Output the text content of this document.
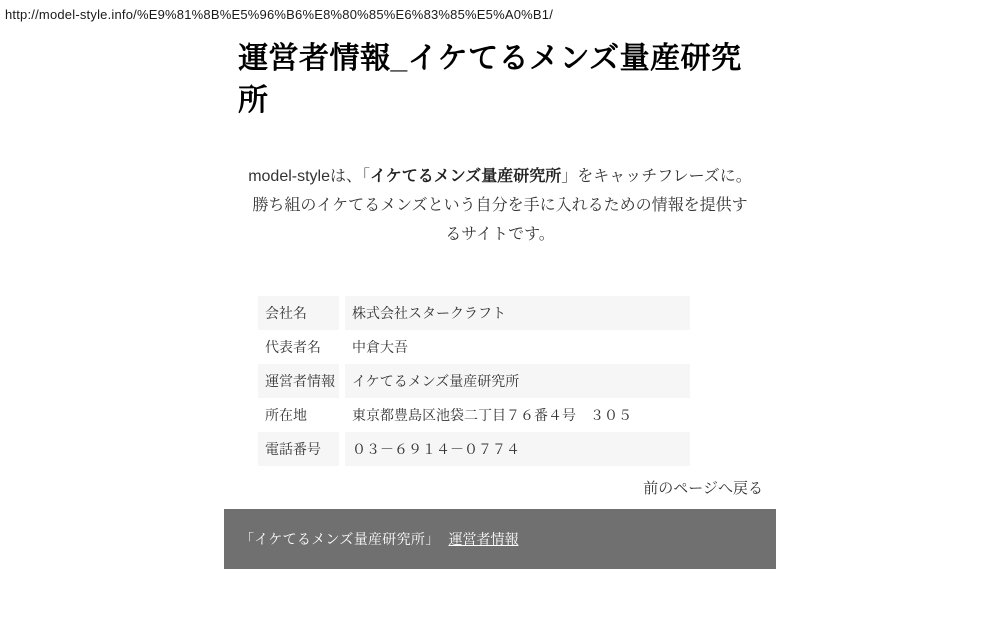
http://model-style.info/%E9%81%8B%E5%96%B6%E8%80%85%E6%83%85%E5%A0%B1/
運営者情報_イケてるメンズ量産研究所

model-styleは、「イケてるメンズ量産研究所」をキャッチフレーズに。勝ち組のイケてるメンズという自分を手に入れるための情報を提供するサイトです。

会社名	株式会社スタークラフト
代表者名	中倉大吾
運営者情報	イケてるメンズ量産研究所
所在地	東京都豊島区池袋二丁目７６番４号　３０５
電話番号	０３－６９１４－０７７４
前のページへ戻る
「イケてるメンズ量産研究所」 運営者情報
